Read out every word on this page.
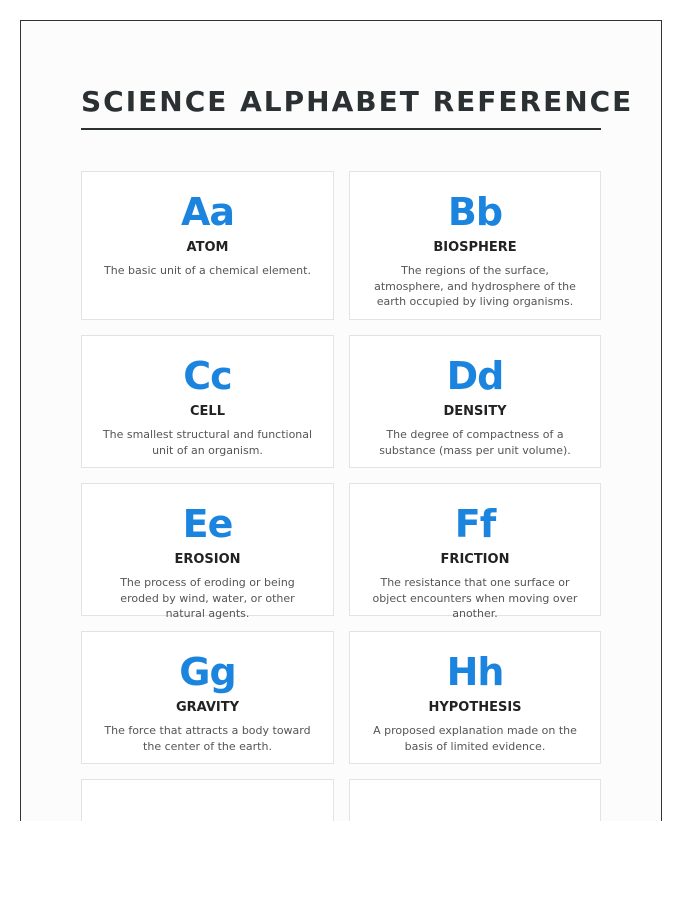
SCIENCE ALPHABET REFERENCE
Aa
ATOM
The basic unit of a chemical element.
Bb
BIOSPHERE
The regions of the surface, atmosphere, and hydrosphere of the earth occupied by living organisms.
Cc
CELL
The smallest structural and functional unit of an organism.
Dd
DENSITY
The degree of compactness of a substance (mass per unit volume).
Ee
EROSION
The process of eroding or being eroded by wind, water, or other natural agents.
Ff
FRICTION
The resistance that one surface or object encounters when moving over another.
Gg
GRAVITY
The force that attracts a body toward the center of the earth.
Hh
HYPOTHESIS
A proposed explanation made on the basis of limited evidence.
